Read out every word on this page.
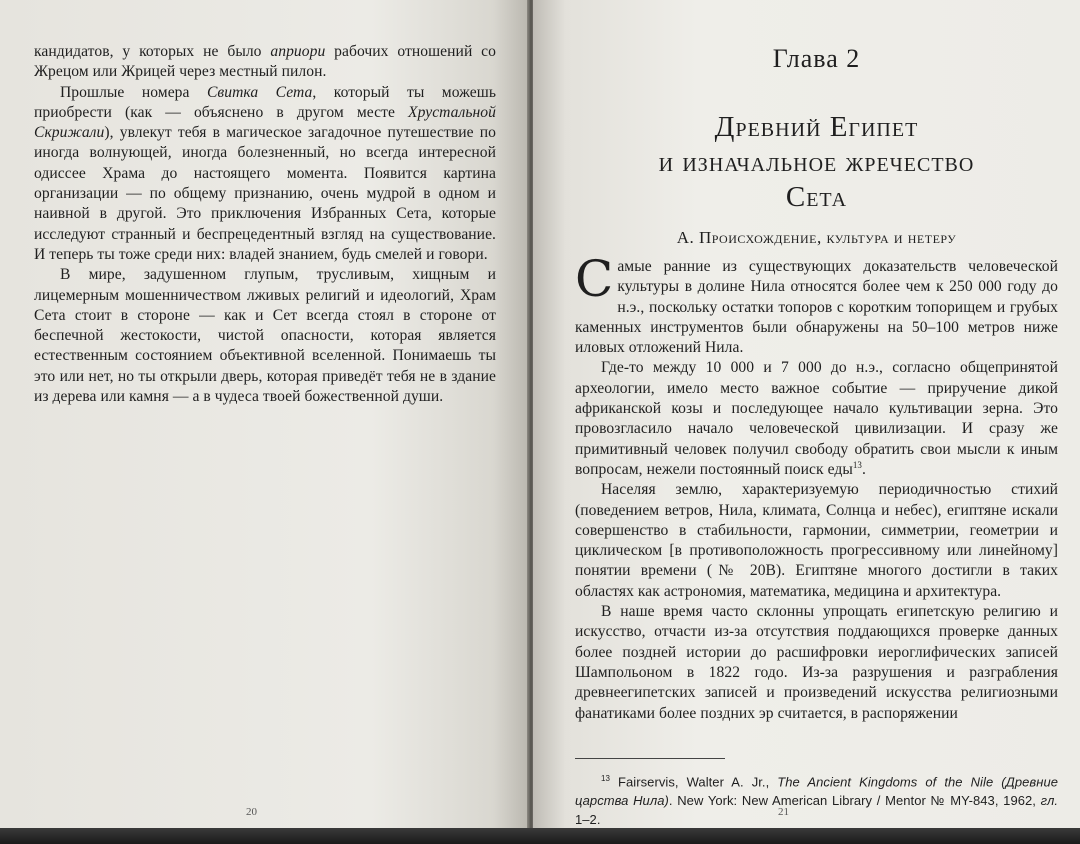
кандидатов, у которых не было априори рабочих отношений со Жрецом или Жрицей через местный пилон.

Прошлые номера Свитка Сета, который ты можешь приобрести (как — объяснено в другом месте Хрустальной Скрижали), увлекут тебя в магическое загадочное путешествие по иногда волнующей, иногда болезненный, но всегда интересной одиссее Храма до настоящего момента. Появится картина организации — по общему признанию, очень мудрой в одном и наивной в другой. Это приключения Избранных Сета, которые исследуют странный и беспрецедентный взгляд на существование. И теперь ты тоже среди них: владей знанием, будь смелей и говори.

В мире, задушенном глупым, трусливым, хищным и лицемерным мошенничеством лживых религий и идеологий, Храм Сета стоит в стороне — как и Сет всегда стоял в стороне от беспечной жестокости, чистой опасности, которая является естественным состоянием объективной вселенной. Понимаешь ты это или нет, но ты открыли дверь, которая приведёт тебя не в здание из дерева или камня — а в чудеса твоей божественной души.

20
Глава 2
Древний Египет
и изначальное жречество
Сета
А. Происхождение, культура и нетеру

Самые ранние из существующих доказательств человеческой культуры в долине Нила относятся более чем к 250 000 году до н.э., поскольку остатки топоров с коротким топорищем и грубых каменных инструментов были обнаружены на 50–100 метров ниже иловых отложений Нила.

Где-то между 10 000 и 7 000 до н.э., согласно общепринятой археологии, имело место важное событие — приручение дикой африканской козы и последующее начало культивации зерна. Это провозгласило начало человеческой цивилизации. И сразу же примитивный человек получил свободу обратить свои мысли к иным вопросам, нежели постоянный поиск еды$^{13}$.

Населяя землю, характеризуемую периодичностью стихий (поведением ветров, Нила, климата, Солнца и небес), египтяне искали совершенство в стабильности, гармонии, симметрии, геометрии и циклическом [в противоположность прогрессивному или линейному] понятии времени (№ 20B). Египтяне многого достигли в таких областях как астрономия, математика, медицина и архитектура.

В наше время часто склонны упрощать египетскую религию и искусство, отчасти из-за отсутствия поддающихся проверке данных более поздней истории до расшифровки иероглифических записей Шампольоном в 1822 годо. Из-за разрушения и разграбления древнеегипетских записей и произведений искусства религиозными фанатиками более поздних эр считается, в распоряжении

$^{13}$ Fairservis, Walter A. Jr., The Ancient Kingdoms of the Nile (Древние царства Нила). New York: New American Library / Mentor № MY-843, 1962, гл. 1–2.

21
